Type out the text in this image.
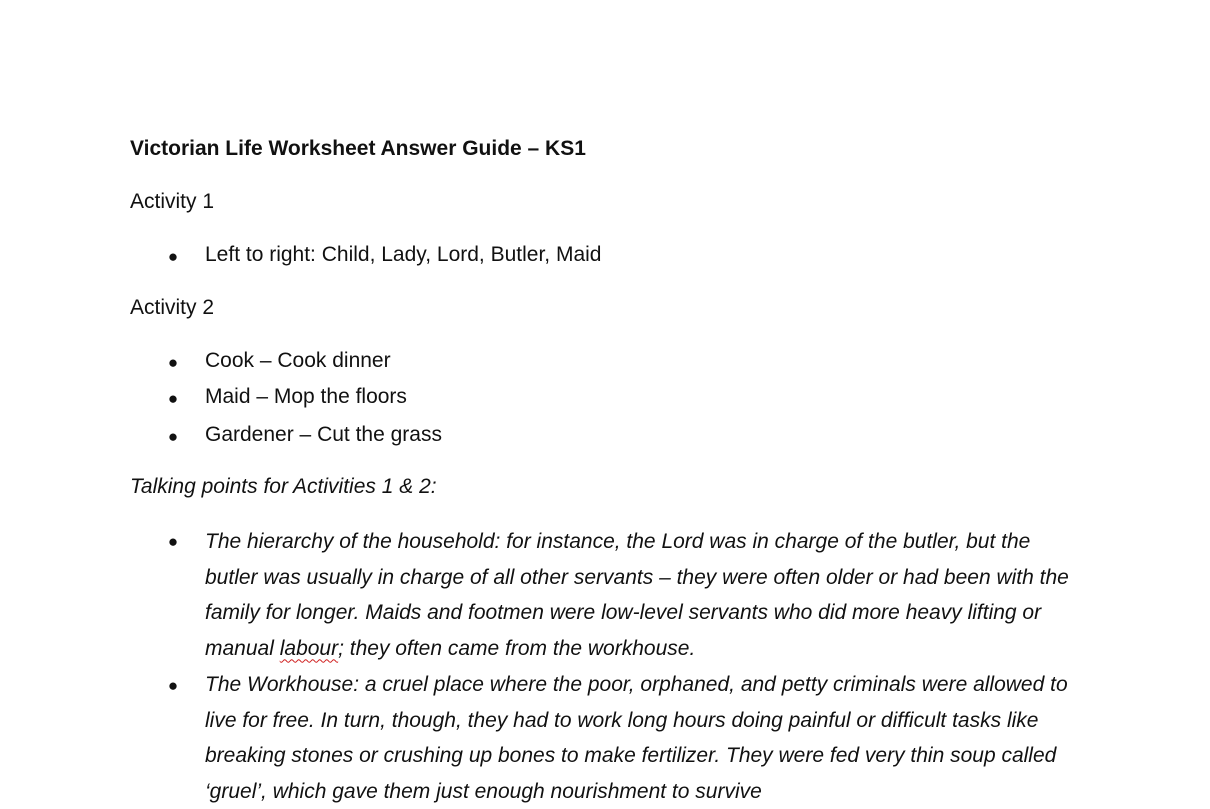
Victorian Life Worksheet Answer Guide – KS1
Activity 1
● Left to right: Child, Lady, Lord, Butler, Maid
Activity 2
● Cook – Cook dinner
● Maid – Mop the floors
● Gardener – Cut the grass
Talking points for Activities 1 & 2:
● The hierarchy of the household: for instance, the Lord was in charge of the butler, but the butler was usually in charge of all other servants – they were often older or had been with the family for longer. Maids and footmen were low-level servants who did more heavy lifting or manual labour; they often came from the workhouse.
● The Workhouse: a cruel place where the poor, orphaned, and petty criminals were allowed to live for free. In turn, though, they had to work long hours doing painful or difficult tasks like breaking stones or crushing up bones to make fertilizer. They were fed very thin soup called ‘gruel’, which gave them just enough nourishment to survive
